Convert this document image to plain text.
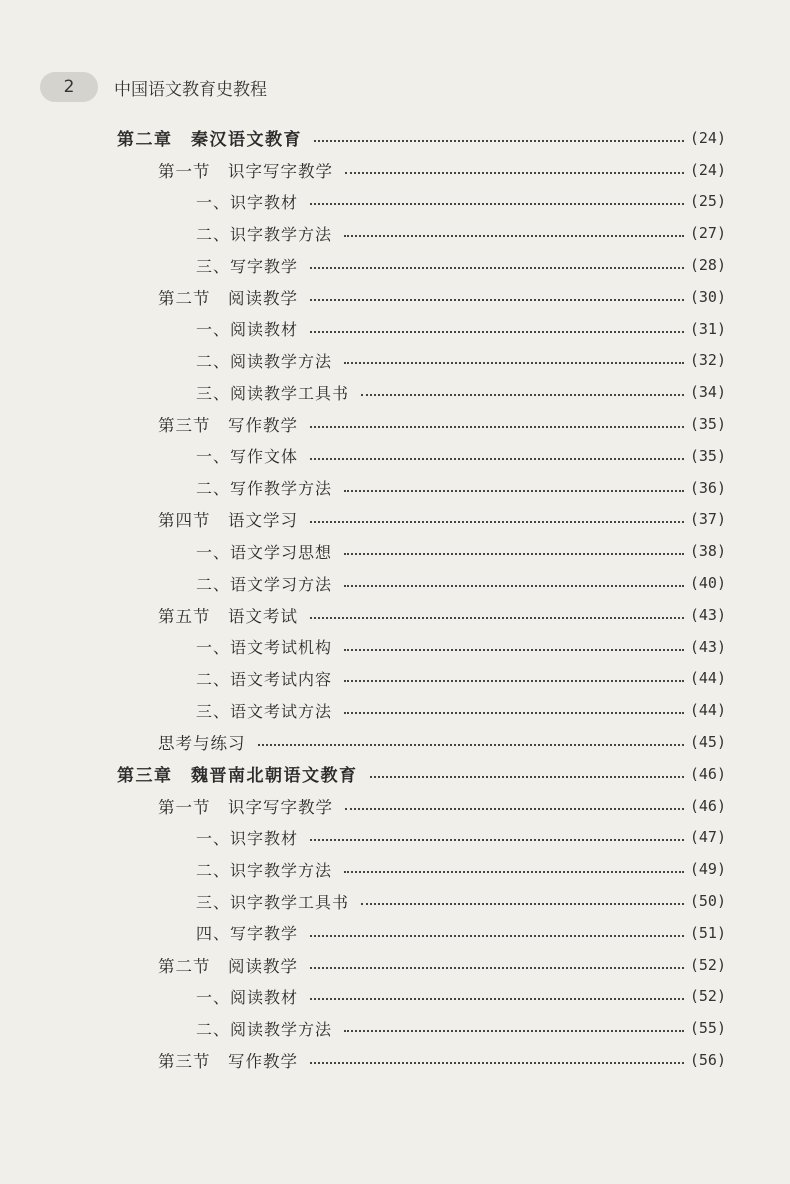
2	中国语文教育史教程
第二章　秦汉语文教育	(24)
第一节　识字写字教学	(24)
一、识字教材	(25)
二、识字教学方法	(27)
三、写字教学	(28)
第二节　阅读教学	(30)
一、阅读教材	(31)
二、阅读教学方法	(32)
三、阅读教学工具书	(34)
第三节　写作教学	(35)
一、写作文体	(35)
二、写作教学方法	(36)
第四节　语文学习	(37)
一、语文学习思想	(38)
二、语文学习方法	(40)
第五节　语文考试	(43)
一、语文考试机构	(43)
二、语文考试内容	(44)
三、语文考试方法	(44)
思考与练习	(45)
第三章　魏晋南北朝语文教育	(46)
第一节　识字写字教学	(46)
一、识字教材	(47)
二、识字教学方法	(49)
三、识字教学工具书	(50)
四、写字教学	(51)
第二节　阅读教学	(52)
一、阅读教材	(52)
二、阅读教学方法	(55)
第三节　写作教学	(56)
